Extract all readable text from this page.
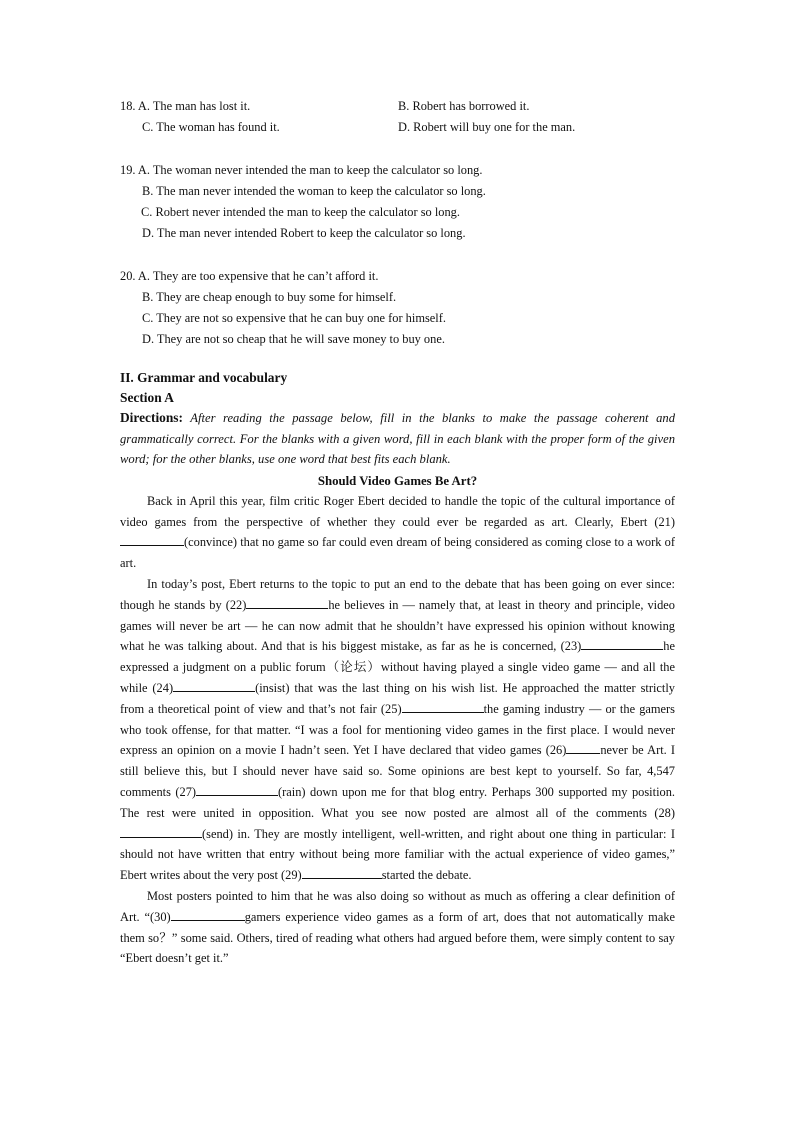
18. A. The man has lost it.	B. Robert has borrowed it.
C. The woman has found it.	D. Robert will buy one for the man.
19. A. The woman never intended the man to keep the calculator so long.
B. The man never intended the woman to keep the calculator so long.
C. Robert never intended the man to keep the calculator so long.
D. The man never intended Robert to keep the calculator so long.
20. A. They are too expensive that he can’t afford it.
B. They are cheap enough to buy some for himself.
C. They are not so expensive that he can buy one for himself.
D. They are not so cheap that he will save money to buy one.
II. Grammar and vocabulary
Section A
Directions: After reading the passage below, fill in the blanks to make the passage coherent and grammatically correct. For the blanks with a given word, fill in each blank with the proper form of the given word; for the other blanks, use one word that best fits each blank.
Should Video Games Be Art?

Back in April this year, film critic Roger Ebert decided to handle the topic of the cultural importance of video games from the perspective of whether they could ever be regarded as art. Clearly, Ebert (21)(convince) that no game so far could even dream of being considered as coming close to a work of art.

In today’s post, Ebert returns to the topic to put an end to the debate that has been going on ever since: though he stands by (22)	he believes in — namely that, at least in theory and principle, video games will never be art — he can now admit that he shouldn’t have expressed his opinion without knowing what he was talking about. And that is his biggest mistake, as far as he is concerned, (23)	he expressed a judgment on a public forum（论坛）without having played a single video game — and all the while (24)	(insist) that was the last thing on his wish list. He approached the matter strictly from a theoretical point of view and that’s not fair (25)	the gaming industry — or the gamers who took offense, for that matter. “I was a fool for mentioning video games in the first place. I would never express an opinion on a movie I hadn’t seen. Yet I have declared that video games (26)	never be Art. I still believe this, but I should never have said so. Some opinions are best kept to yourself. So far, 4,547 comments (27)	(rain) down upon me for that blog entry. Perhaps 300 supported my position. The rest were united in opposition. What you see now posted are almost all of the comments (28)(send) in. They are mostly intelligent, well-written, and right about one thing in particular: I should not have written that entry without being more familiar with the actual experience of video games,” Ebert writes about the very post (29)	started the debate.

Most posters pointed to him that he was also doing so without as much as offering a clear definition of Art. “(30)	gamers experience video games as a form of art, does that not automatically make them so？” some said. Others, tired of reading what others had argued before them, were simply content to say “Ebert doesn’t get it.”
